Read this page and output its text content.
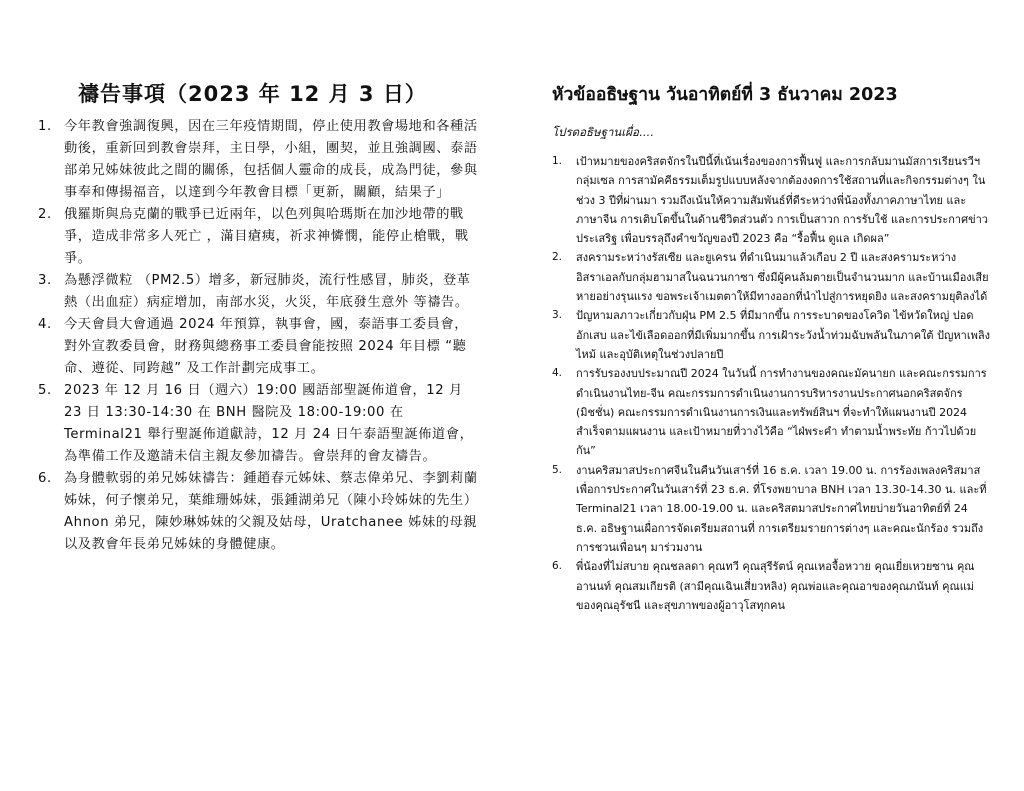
禱告事項（2023 年 12 月 3 日）
1. 今年教會強調復興，因在三年疫情期間，停止使用教會場地和各種活動後，重新回到教會崇拜，主日學，小組，團契，並且強調國、泰語部弟兄姊妹彼此之間的關係，包括個人靈命的成長，成為門徒，參與事奉和傳揚福音，以達到今年教會目標「更新，關顧，結果子」
2. 俄羅斯與烏克蘭的戰爭已近兩年，以色列與哈瑪斯在加沙地帶的戰爭，造成非常多人死亡 ，滿目瘡痍，祈求神憐憫，能停止槍戰，戰爭。
3. 為懸浮微粒 （PM2.5）增多，新冠肺炎，流行性感冒，肺炎，登革熱（出血症）病症增加，南部水災，火災，年底發生意外 等禱告。
4. 今天會員大會通過 2024 年預算，執事會，國，泰語事工委員會，對外宣教委員會，財務與總務事工委員會能按照 2024 年目標 “聽命、遵從、同跨越” 及工作計劃完成事工。
5. 2023 年 12 月 16 日（週六）19:00 國語部聖誕佈道會，12 月 23 日 13:30-14:30 在 BNH 醫院及 18:00-19:00 在 Terminal21 舉行聖誕佈道獻詩，12 月 24 日午泰語聖誕佈道會，為準備工作及邀請未信主親友參加禱告。會崇拜的會友禱告。
6. 為身體軟弱的弟兄姊妹禱告：鍾趙春元姊妹、蔡志偉弟兄、李劉莉蘭姊妹，何子懷弟兄，葉維珊姊妹，張鍾湖弟兄（陳小玲姊妹的先生）Ahnon 弟兄，陳妙琳姊妹的父親及姑母，Uratchanee 姊妹的母親以及教會年長弟兄姊妹的身體健康。
หัวข้ออธิษฐาน วันอาทิตย์ที่ 3 ธันวาคม 2023
โปรดอธิษฐานเผื่อ....
1. เป้าหมายของคริสตจักรในปีนี้ที่เน้นเรื่องของการฟื้นฟู และการกลับมานมัสการเรียนรวีฯ กลุ่มเซล การสามัคคีธรรมเต็มรูปแบบหลังจากต้องงดการใช้สถานที่และกิจกรรมต่างๆ ในช่วง 3 ปีที่ผ่านมา รวมถึงเน้นให้ความสัมพันธ์ที่ดีระหว่างพี่น้องทั้งภาคภาษาไทย และภาษาจีน การเติบโตขึ้นในด้านชีวิตส่วนตัว การเป็นสาวก การรับใช้ และการประกาศข่าวประเสริฐ เพื่อบรรลุถึงคำขวัญของปี 2023 คือ “รื้อฟื้น ดูแล เกิดผล”
2. สงครามระหว่างรัสเซีย และยูเครน ที่ดำเนินมาแล้วเกือบ 2 ปี และสงครามระหว่างอิสราเอลกับกลุ่มฮามาสในฉนวนกาซา ซึ่งมีผู้คนล้มตายเป็นจำนวนมาก และบ้านเมืองเสียหายอย่างรุนแรง ขอพระเจ้าเมตตาให้มีทางออกที่นำไปสู่การหยุดยิง และสงครามยุติลงได้
3. ปัญหามลภาวะเกี่ยวกับฝุ่น PM 2.5 ที่มีมากขึ้น การระบาดของโควิด ไข้หวัดใหญ่ ปอดอักเสบ และไข้เลือดออกที่มีเพิ่มมากขึ้น การเฝ้าระวังน้ำท่วมฉับพลันในภาคใต้ ปัญหาเพลิงไหม้ และอุบัติเหตุในช่วงปลายปี
4. การรับรองงบประมาณปี 2024 ในวันนี้ การทำงานของคณะมัคนายก และคณะกรรมการดำเนินงานไทย-จีน คณะกรรมการดำเนินงานการบริหารงานประกาศนอกคริสตจักร (มิชชั่น) คณะกรรมการดำเนินงานการเงินและทรัพย์สินฯ ที่จะทำให้แผนงานปี 2024 สำเร็จตามแผนงาน และเป้าหมายที่วางไว้คือ “ไฝ่พระคำ ทำตามน้ำพระทัย ก้าวไปด้วยกัน”
5. งานคริสมาสประกาศจีนในคืนวันเสาร์ที่ 16 ธ.ค. เวลา 19.00 น. การร้องเพลงคริสมาสเพื่อการประกาศในวันเสาร์ที่ 23 ธ.ค. ที่โรงพยาบาล BNH เวลา 13.30-14.30 น. และที่ Terminal21 เวลา 18.00-19.00 น. และคริสตมาสประกาศไทยบ่ายวันอาทิตย์ที่ 24 ธ.ค. อธิษฐานเผื่อการจัดเตรียมสถานที่ การเตรียมรายการต่างๆ และคณะนักร้อง รวมถึงการชวนเพื่อนๆ มาร่วมงาน
6. พี่น้องที่ไม่สบาย คุณชลลดา คุณทวี คุณสุรีรัตน์ คุณเหอจื้อหวาย คุณเยี่ยเหวยซาน คุณอานนท์ คุณสมเกียรติ (สามีคุณเฉินเสี่ยวหลิง) คุณพ่อและคุณอาของคุณภนันท์ คุณแม่ของคุณอุรัชนี และสุขภาพของผู้อาวุโสทุกคน
